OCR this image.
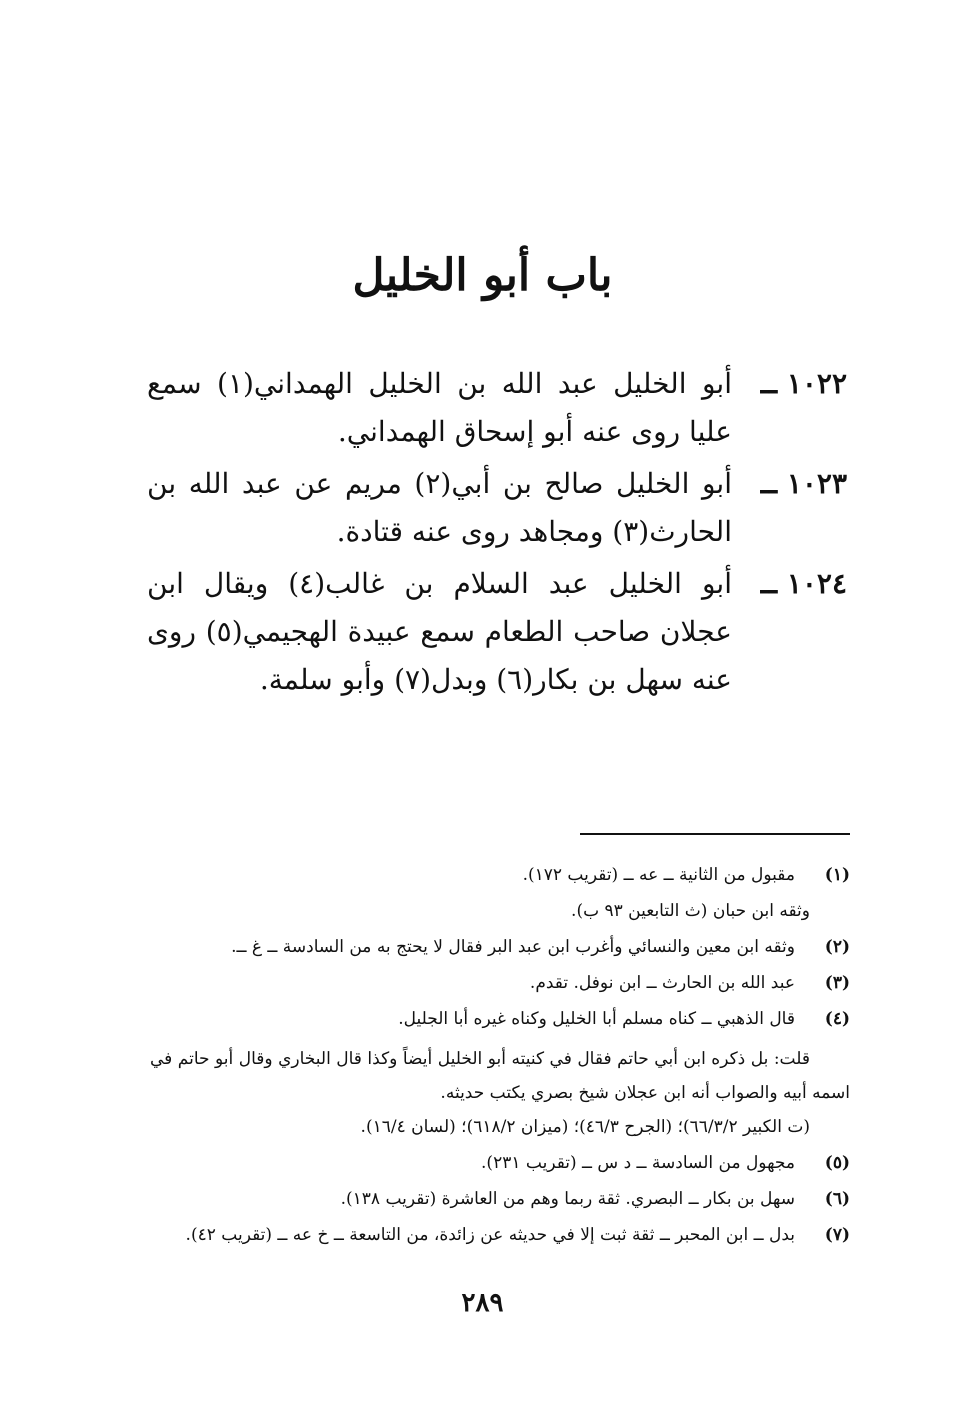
باب أبو الخليل
١٠٢٢ ــ
أبو الخليل عبد الله بن الخليل الهمداني(١) سمع عليا روى عنه أبو إسحاق الهمداني.
١٠٢٣ ــ
أبو الخليل صالح بن أبي(٢) مريم عن عبد الله بن الحارث(٣) ومجاهد روى عنه قتادة.
١٠٢٤ ــ
أبو الخليل عبد السلام بن غالب(٤) ويقال ابن عجلان صاحب الطعام سمع عبيدة الهجيمي(٥) روى عنه سهل بن بكار(٦) وبدل(٧) وأبو سلمة.
(١)
مقبول من الثانية ــ عه ــ (تقريب ١٧٢).
وثقه ابن حبان (ث التابعين ٩٣ ب).
(٢)
وثقه ابن معين والنسائي وأغرب ابن عبد البر فقال لا يحتج به من السادسة ــ غ ــ.
(٣)
عبد الله بن الحارث ــ ابن نوفل. تقدم.
(٤)
قال الذهبي ــ كناه مسلم أبا الخليل وكناه غيره أبا الجليل.
قلت: بل ذكره ابن أبي حاتم فقال في كنيته أبو الخليل أيضاً وكذا قال البخاري وقال أبو حاتم في اسمه أبيه والصواب أنه ابن عجلان شيخ بصري يكتب حديثه.
(ت الكبير ٦٦/٣/٢)؛ (الجرح ٤٦/٣)؛ (ميزان ٦١٨/٢)؛ (لسان ١٦/٤).
(٥)
مجهول من السادسة ــ د س ــ (تقريب ٢٣١).
(٦)
سهل بن بكار ــ البصري. ثقة ربما وهم من العاشرة (تقريب ١٣٨).
(٧)
بدل ــ ابن المحبر ــ ثقة ثبت إلا في حديثه عن زائدة، من التاسعة ــ خ عه ــ (تقريب ٤٢).
٢٨٩
